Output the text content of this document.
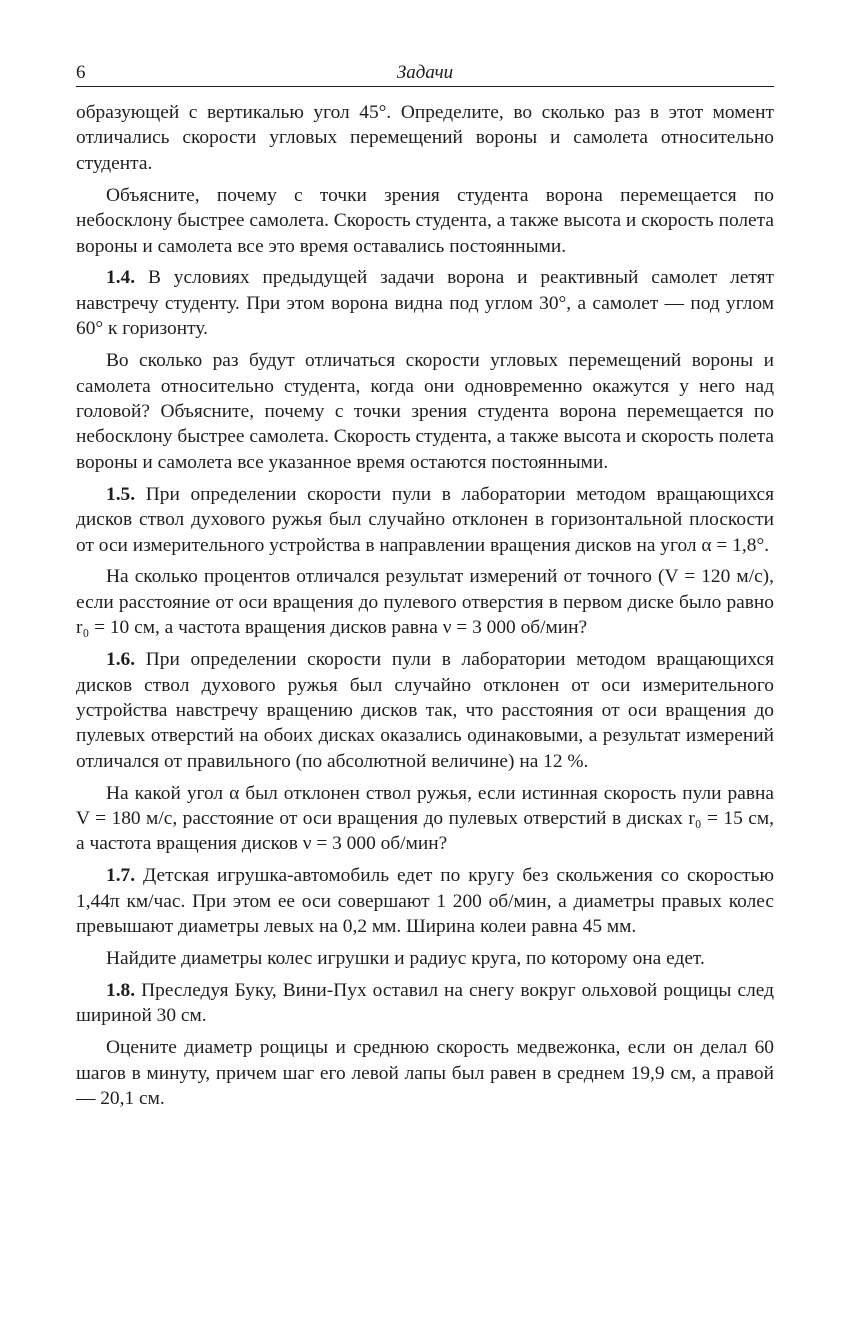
6	Задачи

образующей с вертикалью угол 45°. Определите, во сколько раз в этот момент отличались скорости угловых перемещений вороны и самолета относительно студента.

Объясните, почему с точки зрения студента ворона перемещается по небосклону быстрее самолета. Скорость студента, а также высота и скорость полета вороны и самолета все это время оставались постоянными.

1.4. В условиях предыдущей задачи ворона и реактивный самолет летят навстречу студенту. При этом ворона видна под углом 30°, а самолет — под углом 60° к горизонту.

Во сколько раз будут отличаться скорости угловых перемещений вороны и самолета относительно студента, когда они одновременно окажутся у него над головой? Объясните, почему с точки зрения студента ворона перемещается по небосклону быстрее самолета. Скорость студента, а также высота и скорость полета вороны и самолета все указанное время остаются постоянными.

1.5. При определении скорости пули в лаборатории методом вращающихся дисков ствол духового ружья был случайно отклонен в горизонтальной плоскости от оси измерительного устройства в направлении вращения дисков на угол α = 1,8°.

На сколько процентов отличался результат измерений от точного (V = 120 м/с), если расстояние от оси вращения до пулевого отверстия в первом диске было равно r₀ = 10 см, а частота вращения дисков равна ν = 3 000 об/мин?

1.6. При определении скорости пули в лаборатории методом вращающихся дисков ствол духового ружья был случайно отклонен от оси измерительного устройства навстречу вращению дисков так, что расстояния от оси вращения до пулевых отверстий на обоих дисках оказались одинаковыми, а результат измерений отличался от правильного (по абсолютной величине) на 12 %.

На какой угол α был отклонен ствол ружья, если истинная скорость пули равна V = 180 м/с, расстояние от оси вращения до пулевых отверстий в дисках r₀ = 15 см, а частота вращения дисков ν = 3 000 об/мин?

1.7. Детская игрушка-автомобиль едет по кругу без скольжения со скоростью 1,44π км/час. При этом ее оси совершают 1 200 об/мин, а диаметры правых колес превышают диаметры левых на 0,2 мм. Ширина колеи равна 45 мм.

Найдите диаметры колес игрушки и радиус круга, по которому она едет.

1.8. Преследуя Буку, Вини-Пух оставил на снегу вокруг ольховой рощицы след шириной 30 см.

Оцените диаметр рощицы и среднюю скорость медвежонка, если он делал 60 шагов в минуту, причем шаг его левой лапы был равен в среднем 19,9 см, а правой — 20,1 см.
